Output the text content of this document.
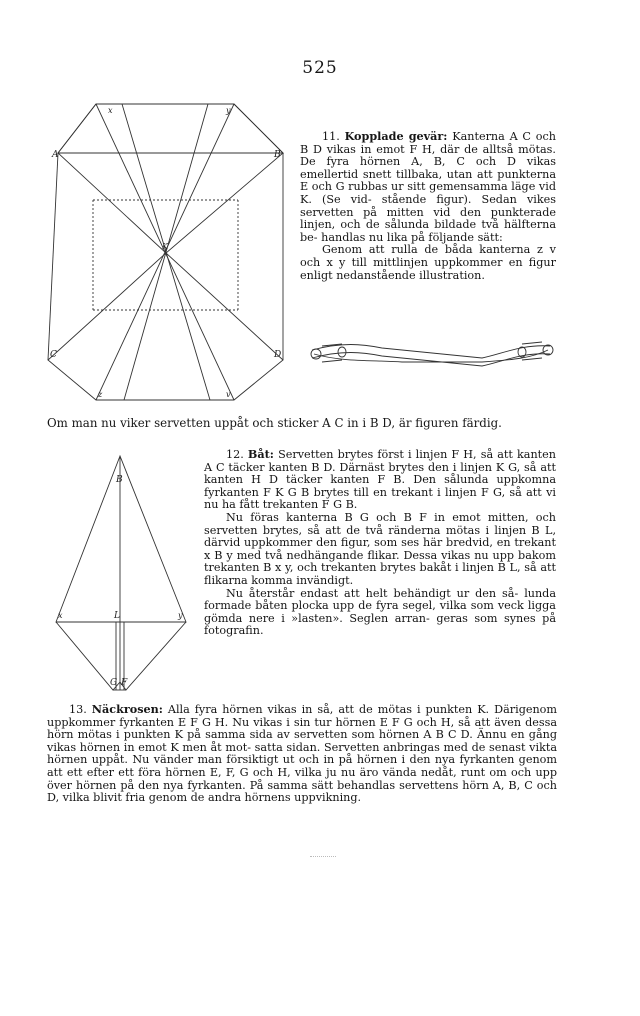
525
x	y
A	B
K
C	D
z	v

11. Kopplade gevär: Kanterna A C och B D vikas in emot F H, där de alltså mötas. De fyra hörnen A, B, C och D vikas emellertid snett tillbaka, utan att punkterna E och G rubbas ur sitt gemensamma läge vid K. (Se vid- stående figur). Sedan vikes servetten på mitten vid den punkterade linjen, och de sålunda bildade två hälfterna be- handlas nu lika på följande sätt:

Genom att rulla de båda kanterna z v och x y till mittlinjen uppkommer en figur enligt nedanstående illustration.

Om man nu viker servetten uppåt och sticker A C in i B D, är figuren färdig.
B
x	L	y
G F

12. Båt: Servetten brytes först i linjen F H, så att kanten A C täcker kanten B D. Därnäst brytes den i linjen K G, så att kanten H D täcker kanten F B. Den sålunda uppkomna fyrkanten F K G B brytes till en trekant i linjen F G, så att vi nu ha fått trekanten F G B.

Nu föras kanterna B G och B F in emot mitten, och servetten brytes, så att de två ränderna mötas i linjen B L, därvid uppkommer den figur, som ses här bredvid, en trekant x B y med två nedhängande flikar. Dessa vikas nu upp bakom trekanten B x y, och trekanten brytes bakåt i linjen B L, så att flikarna komma invändigt.

Nu återstår endast att helt behändigt ur den så- lunda formade båten plocka upp de fyra segel, vilka som veck ligga gömda nere i »lasten». Seglen arran- geras som synes på fotografin.

13. Näckrosen: Alla fyra hörnen vikas in så, att de mötas i punkten K. Därigenom uppkommer fyrkanten E F G H. Nu vikas i sin tur hörnen E F G och H, så att även dessa hörn mötas i punkten K på samma sida av servetten som hörnen A B C D. Ännu en gång vikas hörnen in emot K men åt mot- satta sidan. Servetten anbringas med de senast vikta hörnen uppåt. Nu vänder man försiktigt ut och in på hörnen i den nya fyrkanten genom att ett efter ett föra hörnen E, F, G och H, vilka ju nu äro vända nedåt, runt om och upp över hörnen på den nya fyrkanten. På samma sätt behandlas servettens hörn A, B, C och D, vilka blivit fria genom de andra hörnens uppvikning.
